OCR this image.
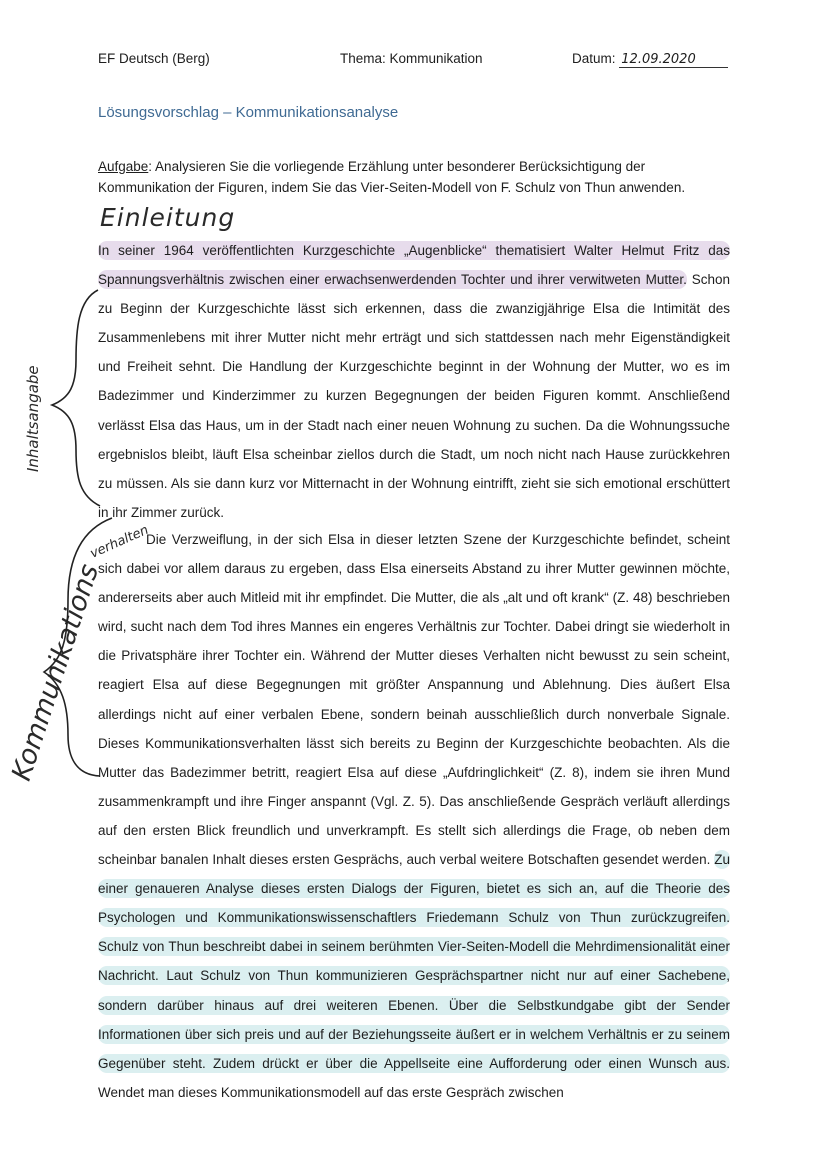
EF Deutsch (Berg)	Thema: Kommunikation	Datum: 12.09.2020
Lösungsvorschlag – Kommunikationsanalyse
Aufgabe: Analysieren Sie die vorliegende Erzählung unter besonderer Berücksichtigung der Kommunikation der Figuren, indem Sie das Vier-Seiten-Modell von F. Schulz von Thun anwenden.
Einleitung
Inhaltsangabe
Kommunikations
verhalten

In seiner 1964 veröffentlichten Kurzgeschichte „Augenblicke“ thematisiert Walter Helmut Fritz das Spannungsverhältnis zwischen einer erwachsenwerdenden Tochter und ihrer verwitweten Mutter. Schon zu Beginn der Kurzgeschichte lässt sich erkennen, dass die zwanzigjährige Elsa die Intimität des Zusammenlebens mit ihrer Mutter nicht mehr erträgt und sich stattdessen nach mehr Eigenständigkeit und Freiheit sehnt. Die Handlung der Kurzgeschichte beginnt in der Wohnung der Mutter, wo es im Badezimmer und Kinderzimmer zu kurzen Begegnungen der beiden Figuren kommt. Anschließend verlässt Elsa das Haus, um in der Stadt nach einer neuen Wohnung zu suchen. Da die Wohnungssuche ergebnislos bleibt, läuft Elsa scheinbar ziellos durch die Stadt, um noch nicht nach Hause zurückkehren zu müssen. Als sie dann kurz vor Mitternacht in der Wohnung eintrifft, zieht sie sich emotional erschüttert in ihr Zimmer zurück.

Die Verzweiflung, in der sich Elsa in dieser letzten Szene der Kurzgeschichte befindet, scheint sich dabei vor allem daraus zu ergeben, dass Elsa einerseits Abstand zu ihrer Mutter gewinnen möchte, andererseits aber auch Mitleid mit ihr empfindet. Die Mutter, die als „alt und oft krank“ (Z. 48) beschrieben wird, sucht nach dem Tod ihres Mannes ein engeres Verhältnis zur Tochter. Dabei dringt sie wiederholt in die Privatsphäre ihrer Tochter ein. Während der Mutter dieses Verhalten nicht bewusst zu sein scheint, reagiert Elsa auf diese Begegnungen mit größter Anspannung und Ablehnung. Dies äußert Elsa allerdings nicht auf einer verbalen Ebene, sondern beinah ausschließlich durch nonverbale Signale. Dieses Kommunikationsverhalten lässt sich bereits zu Beginn der Kurzgeschichte beobachten. Als die Mutter das Badezimmer betritt, reagiert Elsa auf diese „Aufdringlichkeit“ (Z. 8), indem sie ihren Mund zusammenkrampft und ihre Finger anspannt (Vgl. Z. 5). Das anschließende Gespräch verläuft allerdings auf den ersten Blick freundlich und unverkrampft. Es stellt sich allerdings die Frage, ob neben dem scheinbar banalen Inhalt dieses ersten Gesprächs, auch verbal weitere Botschaften gesendet werden. Zu einer genaueren Analyse dieses ersten Dialogs der Figuren, bietet es sich an, auf die Theorie des Psychologen und Kommunikationswissenschaftlers Friedemann Schulz von Thun zurückzugreifen. Schulz von Thun beschreibt dabei in seinem berühmten Vier-Seiten-Modell die Mehrdimensionalität einer Nachricht. Laut Schulz von Thun kommunizieren Gesprächspartner nicht nur auf einer Sachebene, sondern darüber hinaus auf drei weiteren Ebenen. Über die Selbstkundgabe gibt der Sender Informationen über sich preis und auf der Beziehungsseite äußert er in welchem Verhältnis er zu seinem Gegenüber steht. Zudem drückt er über die Appellseite eine Aufforderung oder einen Wunsch aus. Wendet man dieses Kommunikationsmodell auf das erste Gespräch zwischen
